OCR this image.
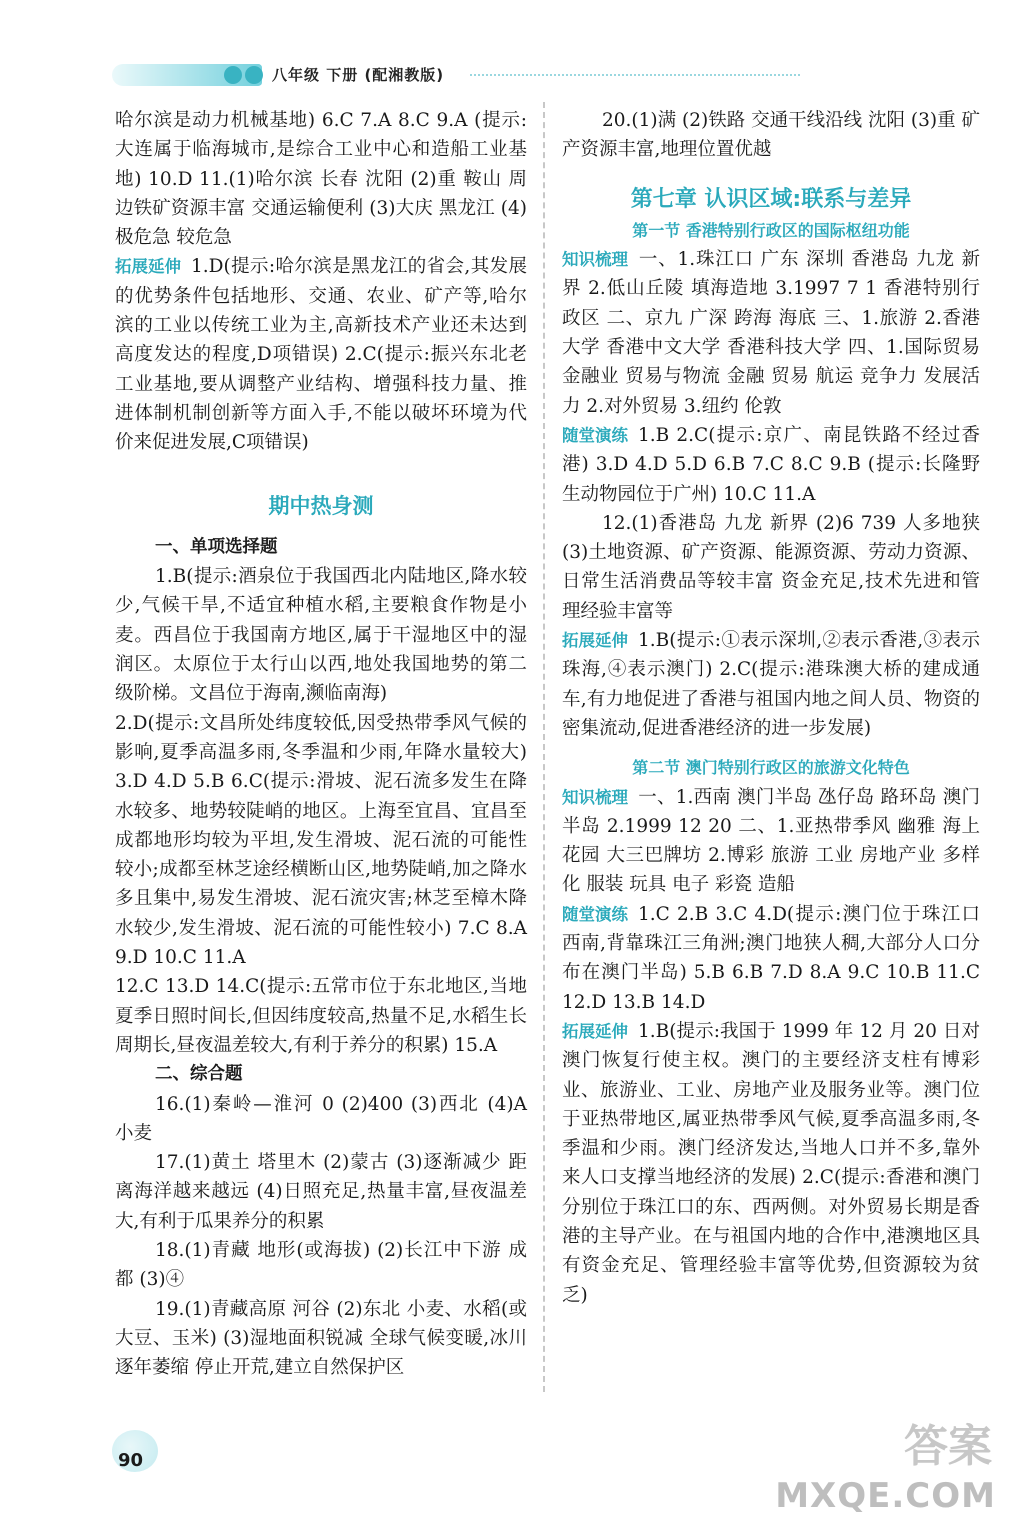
八年级 下册 (配湘教版)
哈尔滨是动力机械基地) 6.C 7.A 8.C 9.A (提示:大连属于临海城市,是综合工业中心和造船工业基地) 10.D 11.(1)哈尔滨 长春 沈阳 (2)重 鞍山 周边铁矿资源丰富 交通运输便利 (3)大庆 黑龙江 (4)极危急 较危急
拓展延伸 1.D(提示:哈尔滨是黑龙江的省会,其发展的优势条件包括地形、交通、农业、矿产等,哈尔滨的工业以传统工业为主,高新技术产业还未达到高度发达的程度,D项错误) 2.C(提示:振兴东北老工业基地,要从调整产业结构、增强科技力量、推进体制机制创新等方面入手,不能以破坏环境为代价来促进发展,C项错误)
期中热身测
一、单项选择题
1.B(提示:酒泉位于我国西北内陆地区,降水较少,气候干旱,不适宜种植水稻,主要粮食作物是小麦。西昌位于我国南方地区,属于干湿地区中的湿润区。太原位于太行山以西,地处我国地势的第二级阶梯。文昌位于海南,濒临南海)
2.D(提示:文昌所处纬度较低,因受热带季风气候的影响,夏季高温多雨,冬季温和少雨,年降水量较大) 3.D 4.D 5.B 6.C(提示:滑坡、泥石流多发生在降水较多、地势较陡峭的地区。上海至宜昌、宜昌至成都地形均较为平坦,发生滑坡、泥石流的可能性较小;成都至林芝途经横断山区,地势陡峭,加之降水多且集中,易发生滑坡、泥石流灾害;林芝至樟木降水较少,发生滑坡、泥石流的可能性较小) 7.C 8.A 9.D 10.C 11.A
12.C 13.D 14.C(提示:五常市位于东北地区,当地夏季日照时间长,但因纬度较高,热量不足,水稻生长周期长,昼夜温差较大,有利于养分的积累) 15.A
二、综合题
16.(1)秦岭—淮河 0 (2)400 (3)西北 (4)A 小麦
17.(1)黄土 塔里木 (2)蒙古 (3)逐渐减少 距离海洋越来越远 (4)日照充足,热量丰富,昼夜温差大,有利于瓜果养分的积累
18.(1)青藏 地形(或海拔) (2)长江中下游 成都 (3)④
19.(1)青藏高原 河谷 (2)东北 小麦、水稻(或大豆、玉米) (3)湿地面积锐减 全球气候变暖,冰川逐年萎缩 停止开荒,建立自然保护区
20.(1)满 (2)铁路 交通干线沿线 沈阳 (3)重 矿产资源丰富,地理位置优越
第七章 认识区域:联系与差异
第一节 香港特别行政区的国际枢纽功能
知识梳理 一、1.珠江口 广东 深圳 香港岛 九龙 新界 2.低山丘陵 填海造地 3.1997 7 1 香港特别行政区 二、京九 广深 跨海 海底 三、1.旅游 2.香港大学 香港中文大学 香港科技大学 四、1.国际贸易 金融业 贸易与物流 金融 贸易 航运 竞争力 发展活力 2.对外贸易 3.纽约 伦敦
随堂演练 1.B 2.C(提示:京广、南昆铁路不经过香港) 3.D 4.D 5.D 6.B 7.C 8.C 9.B (提示:长隆野生动物园位于广州) 10.C 11.A
12.(1)香港岛 九龙 新界 (2)6 739 人多地狭 (3)土地资源、矿产资源、能源资源、劳动力资源、日常生活消费品等较丰富 资金充足,技术先进和管理经验丰富等
拓展延伸 1.B(提示:①表示深圳,②表示香港,③表示珠海,④表示澳门) 2.C(提示:港珠澳大桥的建成通车,有力地促进了香港与祖国内地之间人员、物资的密集流动,促进香港经济的进一步发展)
第二节 澳门特别行政区的旅游文化特色
知识梳理 一、1.西南 澳门半岛 氹仔岛 路环岛 澳门半岛 2.1999 12 20 二、1.亚热带季风 幽雅 海上花园 大三巴牌坊 2.博彩 旅游 工业 房地产业 多样化 服装 玩具 电子 彩瓷 造船
随堂演练 1.C 2.B 3.C 4.D(提示:澳门位于珠江口西南,背靠珠江三角洲;澳门地狭人稠,大部分人口分布在澳门半岛) 5.B 6.B 7.D 8.A 9.C 10.B 11.C 12.D 13.B 14.D
拓展延伸 1.B(提示:我国于 1999 年 12 月 20 日对澳门恢复行使主权。澳门的主要经济支柱有博彩业、旅游业、工业、房地产业及服务业等。澳门位于亚热带地区,属亚热带季风气候,夏季高温多雨,冬季温和少雨。澳门经济发达,当地人口并不多,靠外来人口支撑当地经济的发展) 2.C(提示:香港和澳门分别位于珠江口的东、西两侧。对外贸易长期是香港的主导产业。在与祖国内地的合作中,港澳地区具有资金充足、管理经验丰富等优势,但资源较为贫乏)
90	答案
MXQE.COM
